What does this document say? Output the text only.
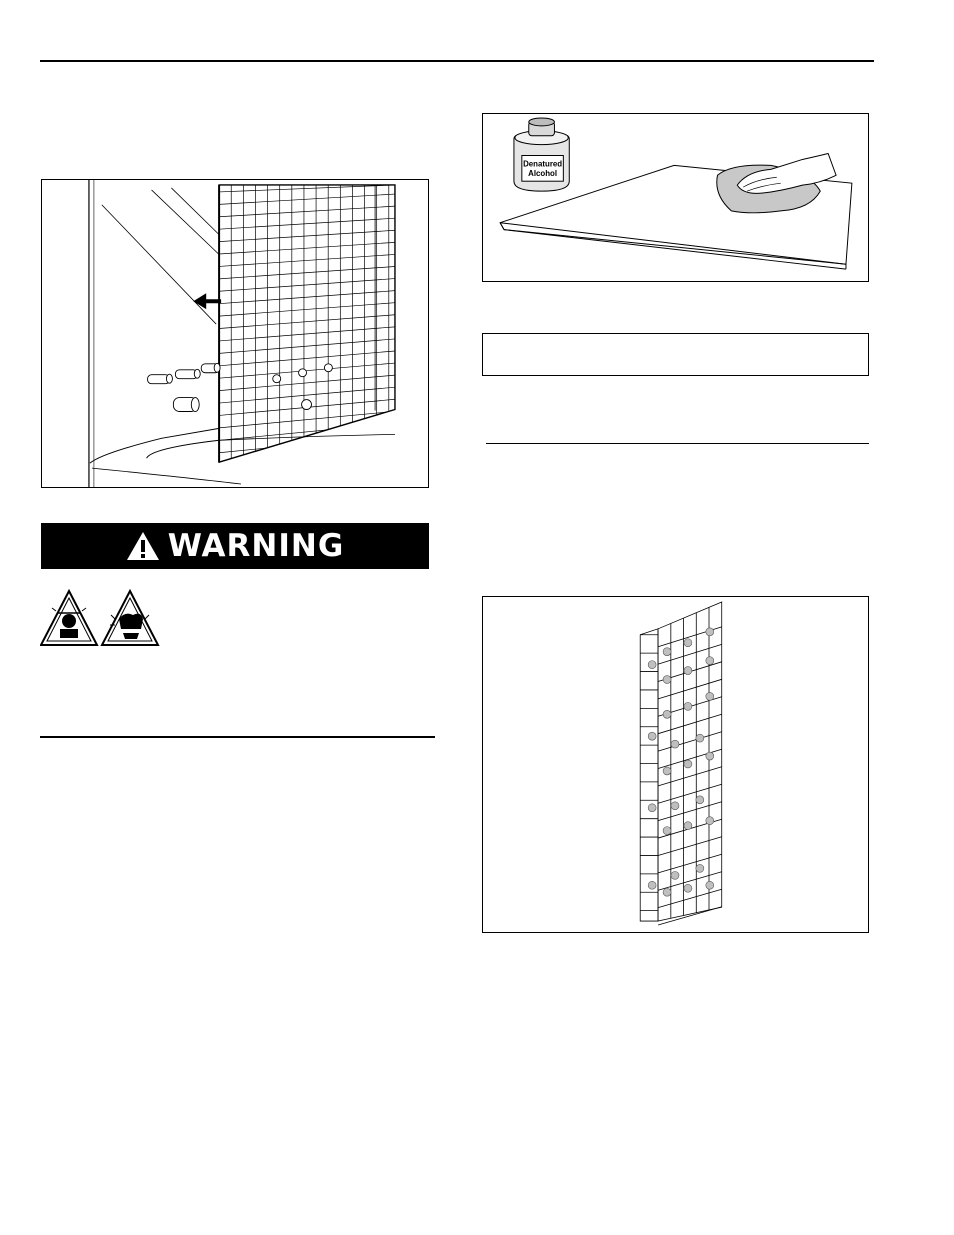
Denatured
Alcohol
WARNING
